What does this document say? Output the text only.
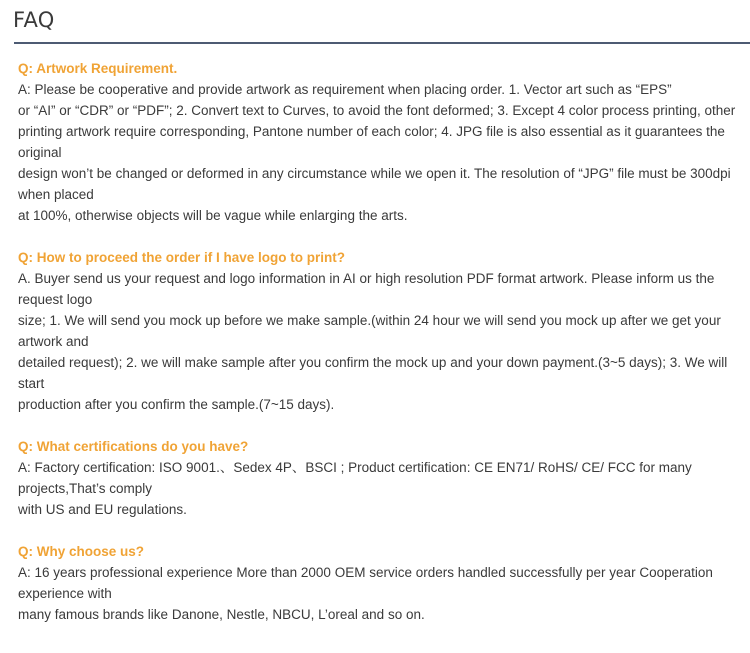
FAQ

Q: Artwork Requirement.

A: Please be cooperative and provide artwork as requirement when placing order. 1. Vector art such as “EPS”
or “AI” or “CDR” or “PDF”; 2. Convert text to Curves, to avoid the font deformed; 3. Except 4 color process printing, other
printing artwork require corresponding, Pantone number of each color; 4. JPG file is also essential as it guarantees the
original
design won’t be changed or deformed in any circumstance while we open it. The resolution of “JPG” file must be 300dpi
when placed
at 100%, otherwise objects will be vague while enlarging the arts.

Q: How to proceed the order if I have logo to print?

A. Buyer send us your request and logo information in AI or high resolution PDF format artwork. Please inform us the
request logo
size; 1. We will send you mock up before we make sample.(within 24 hour we will send you mock up after we get your
artwork and
detailed request); 2. we will make sample after you confirm the mock up and your down payment.(3~5 days); 3. We will
start
production after you confirm the sample.(7~15 days).

Q: What certifications do you have?

A: Factory certification: ISO 9001.、Sedex 4P、BSCI ; Product certification: CE EN71/ RoHS/ CE/ FCC for many
projects,That’s comply
with US and EU regulations.

Q: Why choose us?

A: 16 years professional experience More than 2000 OEM service orders handled successfully per year Cooperation
experience with
many famous brands like Danone, Nestle, NBCU, L’oreal and so on.
